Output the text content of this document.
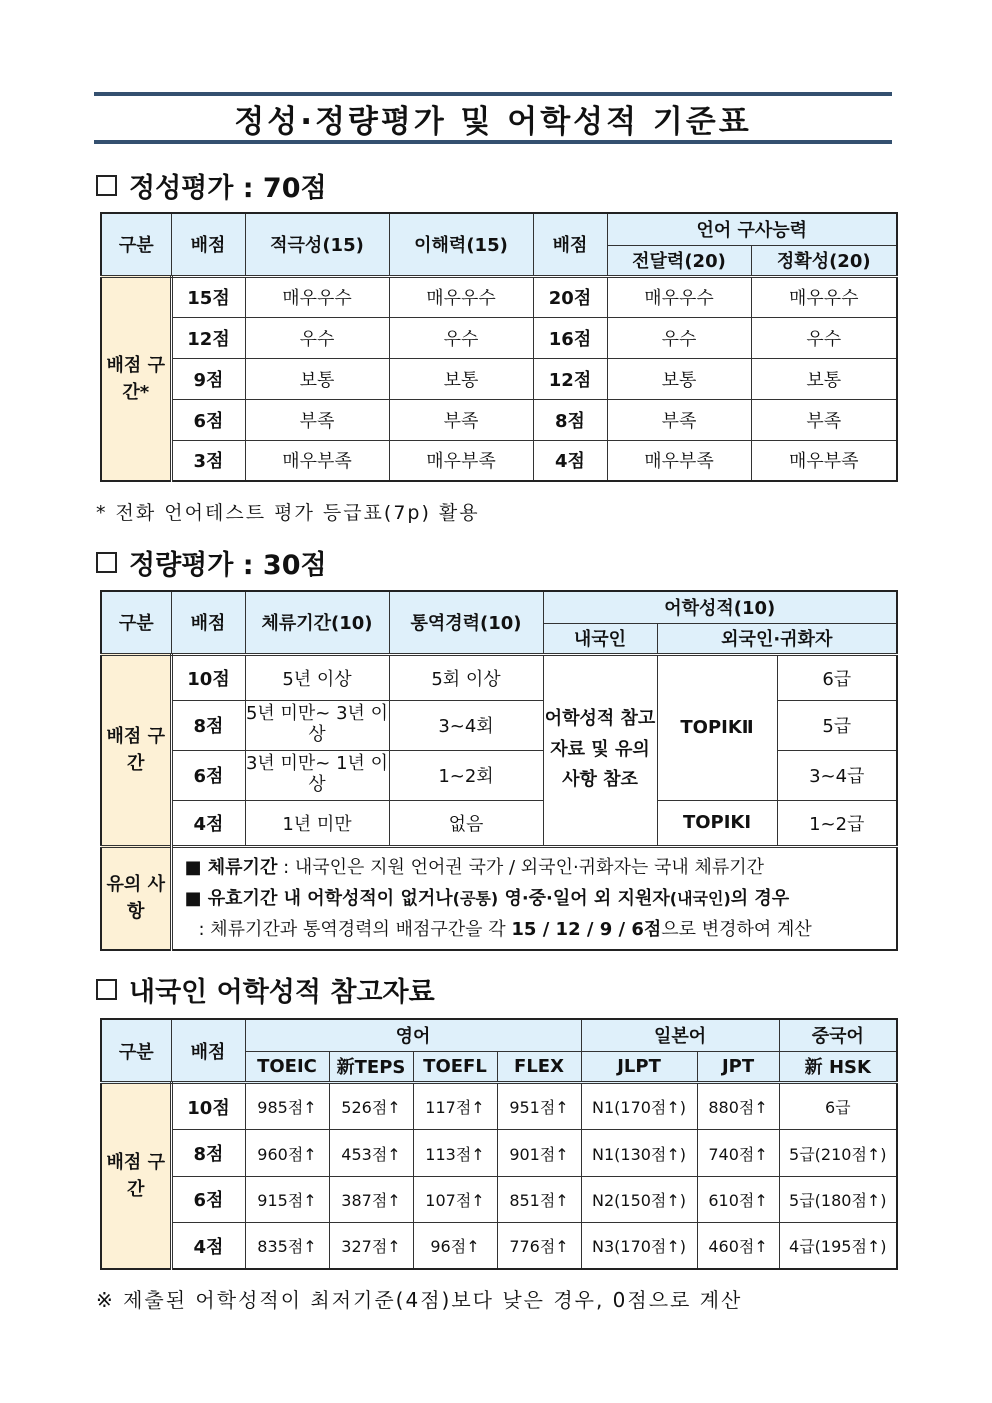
정성·정량평가 및 어학성적 기준표
정성평가 : 70점
구분	배점	적극성(15)	이해력(15)	배점	언어 구사능력	
					전달력(20)	정확성(20)
배점 구간*	15점	매우우수	매우우수	20점	매우우수	매우우수
	12점	우수	우수	16점	우수	우수
	9점	보통	보통	12점	보통	보통
	6점	부족	부족	8점	부족	부족
	3점	매우부족	매우부족	4점	매우부족	매우부족

* 전화 언어테스트 평가 등급표(7p) 활용

정량평가 : 30점
구분	배점	체류기간(10)	통역경력(10)	어학성적(10)		
				내국인	외국인·귀화자	
배점 구간	10점	5년 이상	5회 이상	어학성적 참고자료 및 유의사항 참조	TOPIKⅡ	6급
	8점	5년 미만~ 3년 이상	3~4회			5급
	6점	3년 미만~ 1년 이상	1~2회			3~4급
	4점	1년 미만	없음		TOPIKⅠ	1~2급
유의 사항	■ 체류기간 : 내국인은 지원 언어권 국가 / 외국인·귀화자는 국내 체류기간
■ 유효기간 내 어학성적이 없거나(공통) 영·중·일어 외 지원자(내국인)의 경우
: 체류기간과 통역경력의 배점구간을 각 15 / 12 / 9 / 6점으로 변경하여 계산					
내국인 어학성적 참고자료
구분	배점	영어				일본어		중국어
		TOEIC	新TEPS	TOEFL	FLEX	JLPT	JPT	新 HSK
배점 구간	10점	985점↑	526점↑	117점↑	951점↑	N1(170점↑)	880점↑	6급
	8점	960점↑	453점↑	113점↑	901점↑	N1(130점↑)	740점↑	5급(210점↑)
	6점	915점↑	387점↑	107점↑	851점↑	N2(150점↑)	610점↑	5급(180점↑)
	4점	835점↑	327점↑	96점↑	776점↑	N3(170점↑)	460점↑	4급(195점↑)

※ 제출된 어학성적이 최저기준(4점)보다 낮은 경우, 0점으로 계산
